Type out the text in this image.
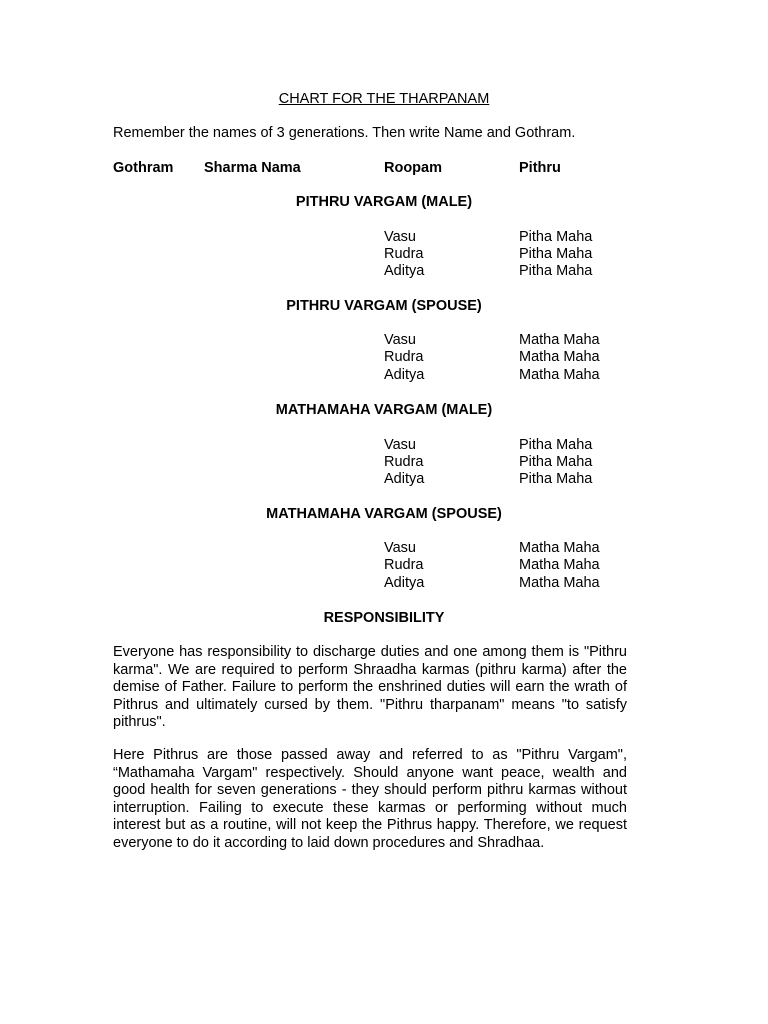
CHART FOR THE THARPANAM
Remember the names of 3 generations. Then write Name and Gothram.
Gothram Sharma Nama	Roopam	Pithru
PITHRU VARGAM (MALE)
Vasu	Pitha Maha
Rudra	Pitha Maha
Aditya	Pitha Maha
PITHRU VARGAM (SPOUSE)
Vasu	Matha Maha
Rudra	Matha Maha
Aditya	Matha Maha
MATHAMAHA VARGAM (MALE)
Vasu	Pitha Maha
Rudra	Pitha Maha
Aditya	Pitha Maha
MATHAMAHA VARGAM (SPOUSE)
Vasu	Matha Maha
Rudra	Matha Maha
Aditya	Matha Maha
RESPONSIBILITY

Everyone has responsibility to discharge duties and one among them is "Pithru karma". We are required to perform Shraadha karmas (pithru karma) after the demise of Father. Failure to perform the enshrined duties will earn the wrath of Pithrus and ultimately cursed by them. "Pithru tharpanam" means "to satisfy pithrus".

Here Pithrus are those passed away and referred to as "Pithru Vargam", “Mathamaha Vargam" respectively. Should anyone want peace, wealth and good health for seven generations - they should perform pithru karmas without interruption. Failing to execute these karmas or performing without much interest but as a routine, will not keep the Pithrus happy. Therefore, we request everyone to do it according to laid down procedures and Shradhaa.
